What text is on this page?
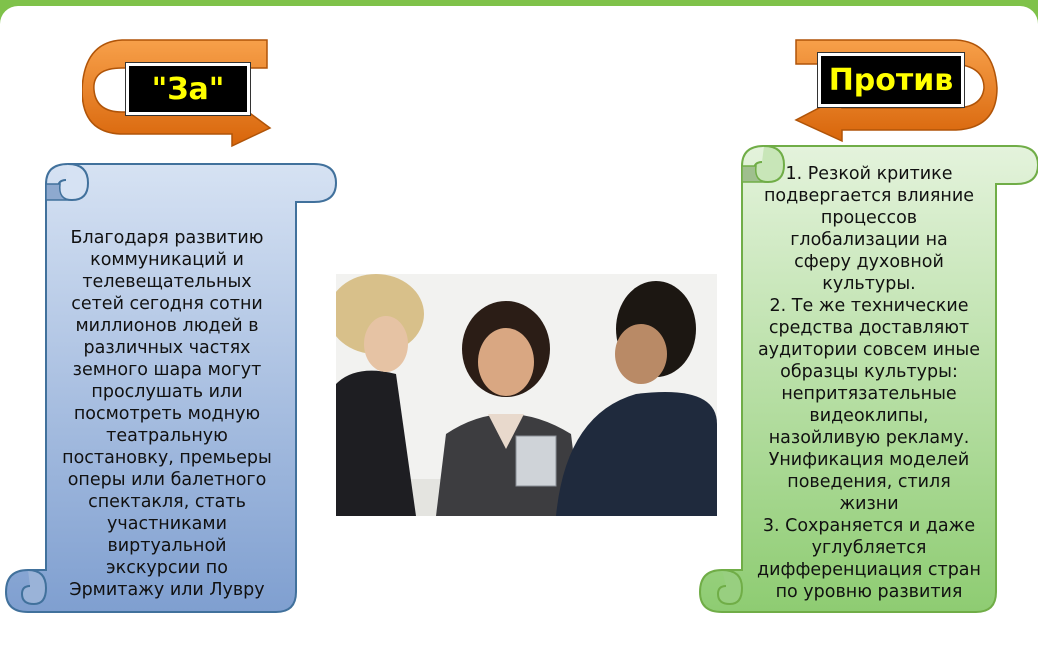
"За"	Против

Благодаря развитию
коммуникаций и
телевещательных
сетей сегодня сотни
миллионов людей в
различных частях
земного шара могут
прослушать или
посмотреть модную
театральную
постановку, премьеры
оперы или балетного
спектакля, стать
участниками
виртуальной
экскурсии по
Эрмитажу или Лувру

1. Резкой критике
подвергается влияние
процессов
глобализации на
сферу духовной
культуры.
2. Те же технические
средства доставляют
аудитории совсем иные
образцы культуры:
непритязательные
видеоклипы,
назойливую рекламу.
Унификация моделей
поведения, стиля
жизни
3. Сохраняется и даже
углубляется
дифференциация стран
по уровню развития
